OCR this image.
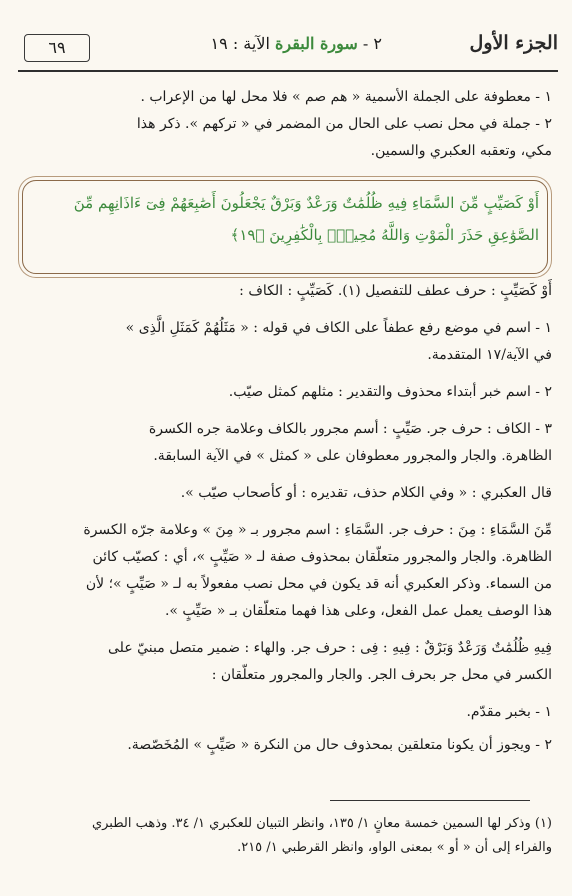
الجزء الأول
٢ - سورة البقرة الآية : ١٩
٦٩

١ - معطوفة على الجملة الأسمية « هم صم » فلا محل لها من الإعراب .

٢ - جملة في محل نصب على الحال من المضمر في « تركهم ». ذكر هذا

مكي، وتعقبه العكبري والسمين.

أَوْ كَصَيِّبٍ مِّنَ السَّمَاءِ فِيهِ ظُلُمَٰتٌ وَرَعْدٌ وَبَرْقٌ يَجْعَلُونَ أَصَٰبِعَهُمْ فِىٓ ءَاذَانِهِم مِّنَ الصَّوَٰعِقِ حَذَرَ الْمَوْتِ وَاللَّهُ مُحِيطٌۢ بِالْكَٰفِرِينَ ﴿١٩﴾

أَوْ كَصَيِّبٍ : حرف عطف للتفصيل (١). كَصَيِّبٍ : الكاف :

١ - اسم في موضع رفع عطفاً على الكاف في قوله : « مَثَلُهُمْ كَمَثَلِ الَّذِى »

في الآية/١٧ المتقدمة.

٢ - اسم خبر أبتداء محذوف والتقدير : مثلهم كمثل صيّب.

٣ - الكاف : حرف جر. صَيِّبٍ : أسم مجرور بالكاف وعلامة جره الكسرة

الظاهرة. والجار والمجرور معطوفان على « كمثل » في الآية السابقة.

قال العكبري : « وفي الكلام حذف، تقديره : أو كأصحاب صيّب ».

مِّنَ السَّمَاءِ : مِنَ : حرف جر. السَّمَاءِ : اسم مجرور بـ « مِنَ » وعلامة جرّه الكسرة

الظاهرة. والجار والمجرور متعلّقان بمحذوف صفة لـ « صَيِّبٍ »، أي : كصيّب كائن

من السماء. وذكر العكبري أنه قد يكون في محل نصب مفعولاً به لـ « صَيِّبٍ »؛ لأن

هذا الوصف يعمل عمل الفعل، وعلى هذا فهما متعلّقان بـ « صَيِّبٍ ».

فِيهِ ظُلُمَٰتٌ وَرَعْدٌ وَبَرْقٌ : فِيهِ : فِى : حرف جر. والهاء : ضمير متصل مبنيّ على

الكسر في محل جر بحرف الجر. والجار والمجرور متعلّقان :

١ - بخبر مقدّم.

٢ - ويجوز أن يكونا متعلقين بمحذوف حال من النكرة « صَيِّبٍ » المُخَصّصة.

(١) وذكر لها السمين خمسة معانٍ ١/ ١٣٥، وانظر التبيان للعكبري ١/ ٣٤. وذهب الطبري
والفراء إلى أن « أو » بمعنى الواو، وانظر القرطبي ١/ ٢١٥.
